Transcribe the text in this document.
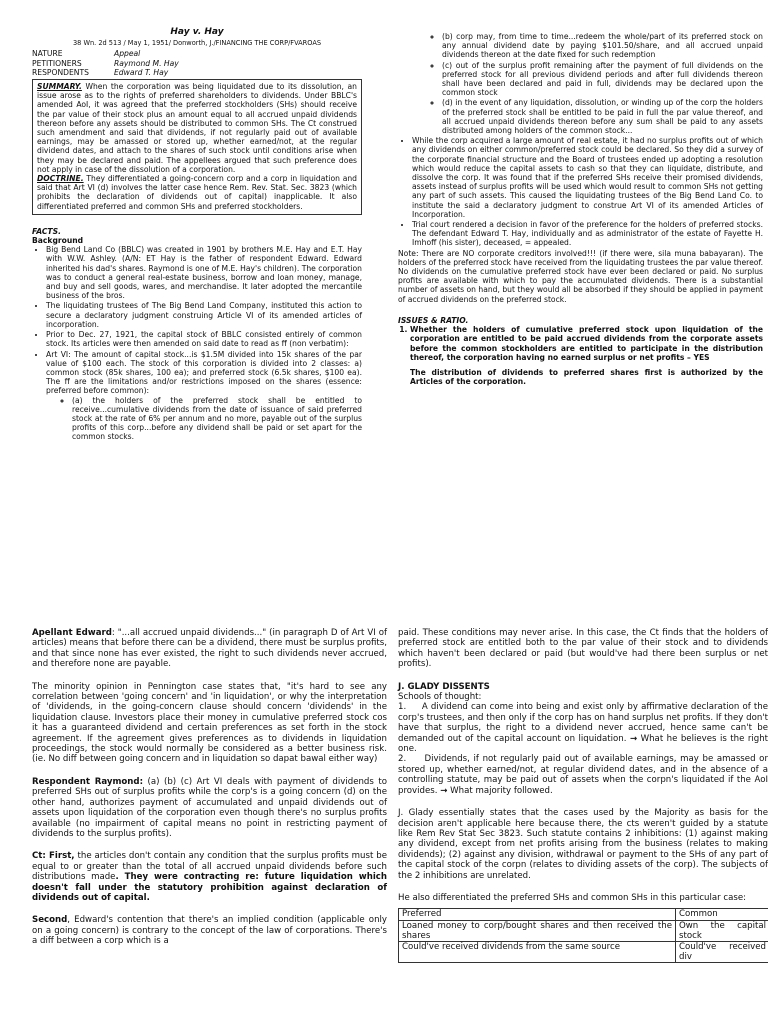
Hay v. Hay

38 Wn. 2d 513 / May 1, 1951/ Donworth, J./FINANCING THE CORP/FVAROAS

NATURE	Appeal
PETITIONERS	Raymond M. Hay
RESPONDENTS	Edward T. Hay

SUMMARY. When the corporation was being liquidated due to its dissolution, an issue arose as to the rights of preferred shareholders to dividends. Under BBLC's amended AoI, it was agreed that the preferred stockholders (SHs) should receive the par value of their stock plus an amount equal to all accrued unpaid dividends thereon before any assets should be distributed to common SHs. The Ct construed such amendment and said that dividends, if not regularly paid out of available earnings, may be amassed or stored up, whether earned/not, at the regular dividend dates, and attach to the shares of such stock until conditions arise when they may be declared and paid. The appellees argued that such preference does not apply in case of the dissolution of a corporation.

DOCTRINE. They differentiated a going-concern corp and a corp in liquidation and said that Art VI (d) involves the latter case hence Rem. Rev. Stat. Sec. 3823 (which prohibits the declaration of dividends out of capital) inapplicable. It also differentiated preferred and common SHs and preferred stockholders.

FACTS.

Background

• Big Bend Land Co (BBLC) was created in 1901 by brothers M.E. Hay and E.T. Hay with W.W. Ashley. (A/N: ET Hay is the father of respondent Edward. Edward inherited his dad's shares. Raymond is one of M.E. Hay's children). The corporation was to conduct a general real-estate business, borrow and loan money, manage, and buy and sell goods, wares, and merchandise. It later adopted the mercantile business of the bros.
• The liquidating trustees of The Big Bend Land Company, instituted this action to secure a declaratory judgment construing Article VI of its amended articles of incorporation.
• Prior to Dec. 27, 1921, the capital stock of BBLC consisted entirely of common stock. Its articles were then amended on said date to read as ff (non verbatim):
• Art VI: The amount of capital stock...is $1.5M divided into 15k shares of the par value of $100 each. The stock of this corporation is divided into 2 classes: a) common stock (85k shares, 100 ea); and preferred stock (6.5k shares, $100 ea). The ff are the limitations and/or restrictions imposed on the shares (essence: preferred before common):
◦ (a) the holders of the preferred stock shall be entitled to receive...cumulative dividends from the date of issuance of said preferred stock at the rate of 6% per annum and no more, payable out of the surplus profits of this corp...before any dividend shall be paid or set apart for the common stocks.
◦ (b) corp may, from time to time...redeem the whole/part of its preferred stock on any annual dividend date by paying $101.50/share, and all accrued unpaid dividends thereon at the date fixed for such redemption
◦ (c) out of the surplus profit remaining after the payment of full dividends on the preferred stock for all previous dividend periods and after full dividends thereon shall have been declared and paid in full, dividends may be declared upon the common stock
◦ (d) in the event of any liquidation, dissolution, or winding up of the corp the holders of the preferred stock shall be entitled to be paid in full the par value thereof, and all accrued unpaid dividends thereon before any sum shall be paid to any assets distributed among holders of the common stock...
• While the corp acquired a large amount of real estate, it had no surplus profits out of which any dividends on either common/preferred stock could be declared. So they did a survey of the corporate financial structure and the Board of trustees ended up adopting a resolution which would reduce the capital assets to cash so that they can liquidate, distribute, and dissolve the corp. It was found that if the preferred SHs receive their promised dividends, assets instead of surplus profits will be used which would result to common SHs not getting any part of such assets. This caused the liquidating trustees of the Big Bend Land Co. to institute the said a declaratory judgment to construe Art VI of its amended Articles of Incorporation.
• Trial court rendered a decision in favor of the preference for the holders of preferred stocks. The defendant Edward T. Hay, individually and as administrator of the estate of Fayette H. Imhoff (his sister), deceased, = appealed.

Note: There are NO corporate creditors involved!!! (if there were, sila muna babayaran). The holders of the preferred stock have received from the liquidating trustees the par value thereof. No dividends on the cumulative preferred stock have ever been declared or paid. No surplus profits are available with which to pay the accumulated dividends. There is a substantial number of assets on hand, but they would all be absorbed if they should be applied in payment of accrued dividends on the preferred stock.

ISSUES & RATIO.

1. Whether the holders of cumulative preferred stock upon liquidation of the corporation are entitled to be paid accrued dividends from the corporate assets before the common stockholders are entitled to participate in the distribution thereof, the corporation having no earned surplus or net profits – YES

The distribution of dividends to preferred shares first is authorized by the Articles of the corporation.

Apellant Edward: "...all accrued unpaid dividends..." (in paragraph D of Art VI of articles) means that before there can be a dividend, there must be surplus profits, and that since none has ever existed, the right to such dividends never accrued, and therefore none are payable.

The minority opinion in Pennington case states that, "it's hard to see any correlation between 'going concern' and 'in liquidation', or why the interpretation of 'dividends, in the going-concern clause should concern 'dividends' in the liquidation clause. Investors place their money in cumulative preferred stock cos it has a guaranteed dividend and certain preferences as set forth in the stock agreement. If the agreement gives preferences as to dividends in liquidation proceedings, the stock would normally be considered as a better business risk. (ie. No diff between going concern and in liquidation so dapat bawal either way)

Respondent Raymond: (a) (b) (c) Art VI deals with payment of dividends to preferred SHs out of surplus profits while the corp's is a going concern (d) on the other hand, authorizes payment of accumulated and unpaid dividends out of assets upon liquidation of the corporation even though there's no surplus profits available (no impairment of capital means no point in restricting payment of dividends to the surplus profits).

Ct: First, the articles don't contain any condition that the surplus profits must be equal to or greater than the total of all accrued unpaid dividends before such distributions made. They were contracting re: future liquidation which doesn't fall under the statutory prohibition against declaration of dividends out of capital.

Second, Edward's contention that there's an implied condition (applicable only on a going concern) is contrary to the concept of the law of corporations. There's a diff between a corp which is a

paid. These conditions may never arise. In this case, the Ct finds that the holders of preferred stock are entitled both to the par value of their stock and to dividends which haven't been declared or paid (but would've had there been surplus or net profits).

J. GLADY DISSENTS

Schools of thought:

1. A dividend can come into being and exist only by affirmative declaration of the corp's trustees, and then only if the corp has on hand surplus net profits. If they don't have that surplus, the right to a dividend never accrued, hence same can't be demanded out of the capital account on liquidation. → What he believes is the right one.

2. Dividends, if not regularly paid out of available earnings, may be amassed or stored up, whether earned/not, at regular dividend dates, and in the absence of a controlling statute, may be paid out of assets when the corpn's liquidated if the AoI provides. → What majority followed.

J. Glady essentially states that the cases used by the Majority as basis for the decision aren't applicable here because there, the cts weren't guided by a statute like Rem Rev Stat Sec 3823. Such statute contains 2 inhibitions: (1) against making any dividend, except from net profits arising from the business (relates to making dividends); (2) against any division, withdrawal or payment to the SHs of any part of the capital stock of the corpn (relates to dividing assets of the corp). The subjects of the 2 inhibitions are unrelated.

He also differentiated the preferred SHs and common SHs in this particular case:

Preferred	Common
Loaned money to corp/bought shares and then received the shares	Own the capital stock
Could've received dividends from the same source	Could've received div
